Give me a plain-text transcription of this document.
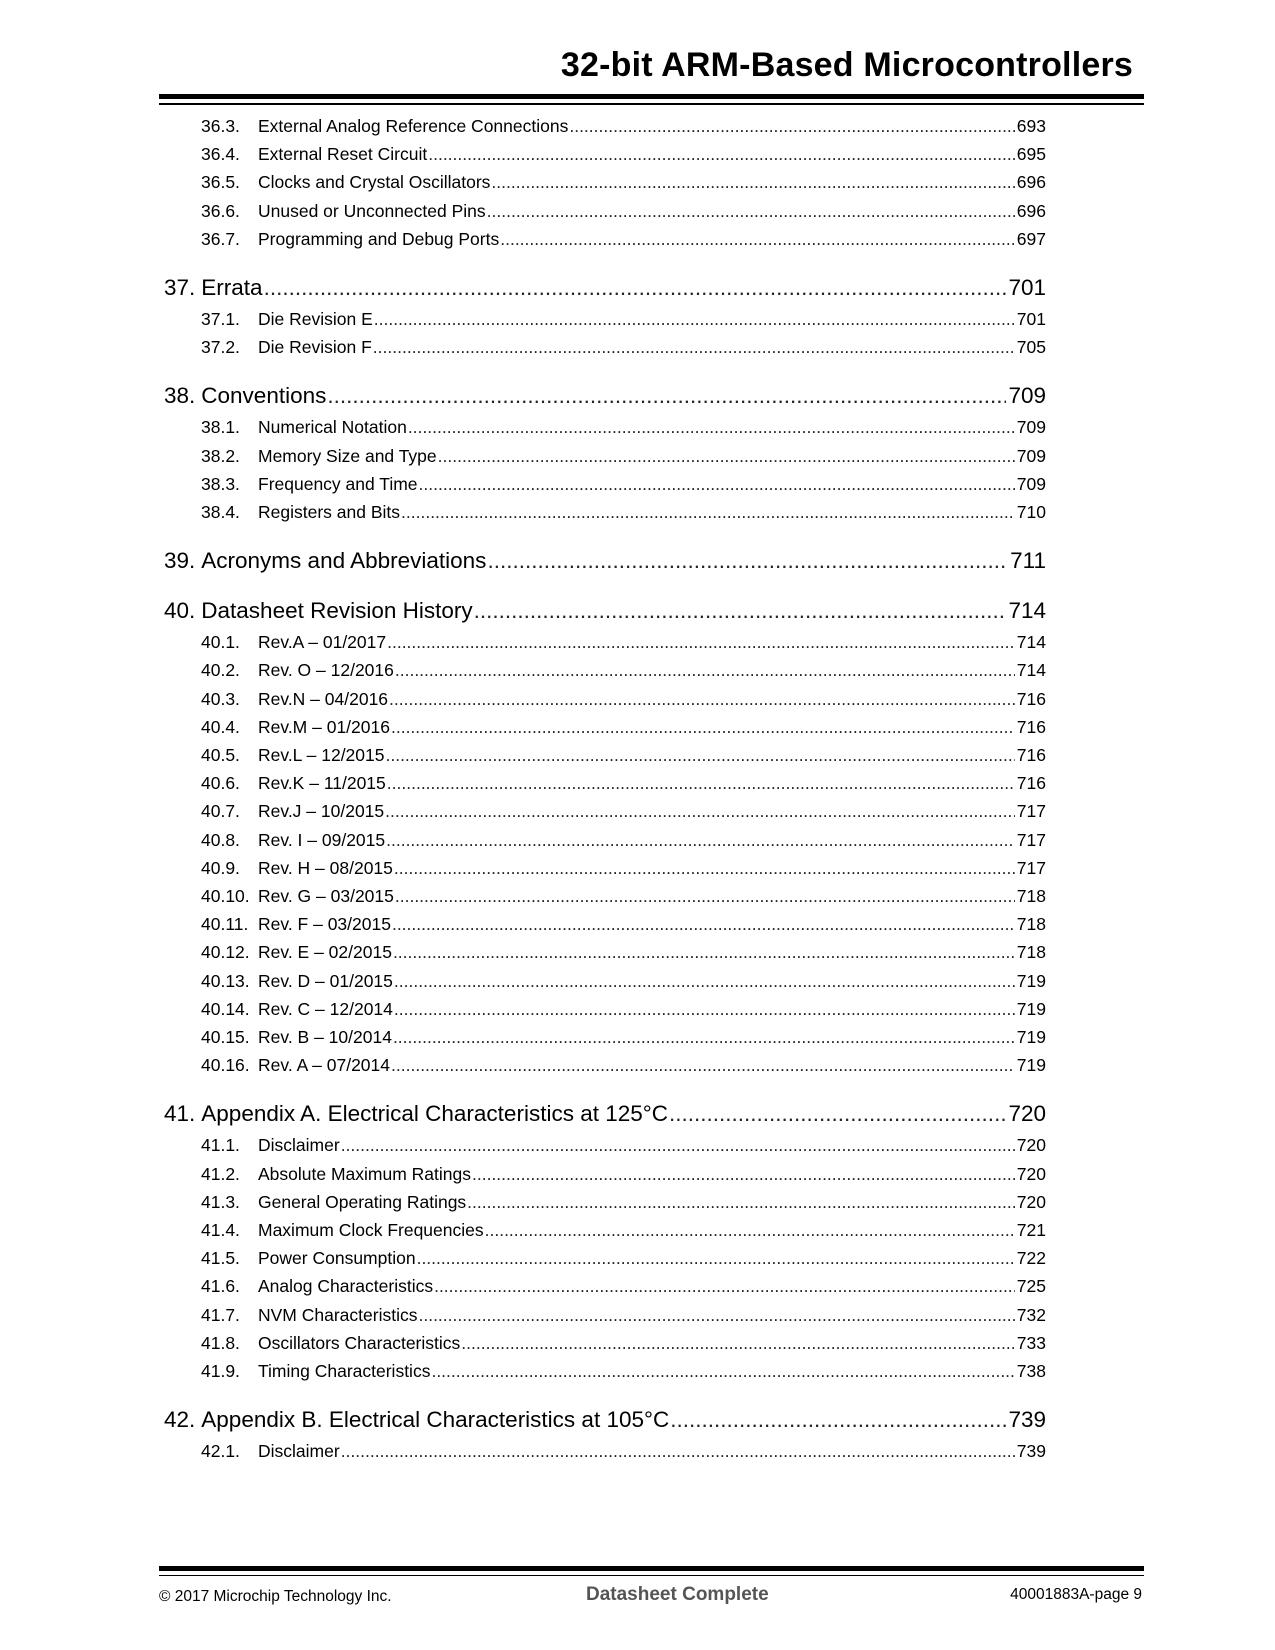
32-bit ARM-Based Microcontrollers
36.3.	External Analog Reference Connections .....	693
36.4.	External Reset Circuit .....	695
36.5.	Clocks and Crystal Oscillators .....	696
36.6.	Unused or Unconnected Pins .....	696
36.7.	Programming and Debug Ports .....	697
37. Errata .....	701
37.1.	Die Revision E .....	701
37.2.	Die Revision F .....	705
38. Conventions .....	709
38.1.	Numerical Notation .....	709
38.2.	Memory Size and Type .....	709
38.3.	Frequency and Time .....	709
38.4.	Registers and Bits .....	710
39. Acronyms and Abbreviations .....	711
40. Datasheet Revision History .....	714
40.1.	Rev.A – 01/2017 .....	714
40.2.	Rev. O – 12/2016 .....	714
40.3.	Rev.N – 04/2016 .....	716
40.4.	Rev.M – 01/2016 .....	716
40.5.	Rev.L – 12/2015 .....	716
40.6.	Rev.K – 11/2015 .....	716
40.7.	Rev.J – 10/2015 .....	717
40.8.	Rev. I – 09/2015 .....	717
40.9.	Rev. H – 08/2015 .....	717
40.10. Rev. G – 03/2015 .....	718
40.11. Rev. F – 03/2015 .....	718
40.12. Rev. E – 02/2015 .....	718
40.13. Rev. D – 01/2015 .....	719
40.14. Rev. C – 12/2014 .....	719
40.15. Rev. B – 10/2014 .....	719
40.16. Rev. A – 07/2014 .....	719
41. Appendix A. Electrical Characteristics at 125°C .....	720
41.1.	Disclaimer .....	720
41.2.	Absolute Maximum Ratings .....	720
41.3.	General Operating Ratings .....	720
41.4.	Maximum Clock Frequencies .....	721
41.5.	Power Consumption .....	722
41.6.	Analog Characteristics .....	725
41.7.	NVM Characteristics .....	732
41.8.	Oscillators Characteristics .....	733
41.9.	Timing Characteristics .....	738
42. Appendix B. Electrical Characteristics at 105°C .....	739
42.1.	Disclaimer .....	739
© 2017 Microchip Technology Inc.	Datasheet Complete	40001883A-page 9
